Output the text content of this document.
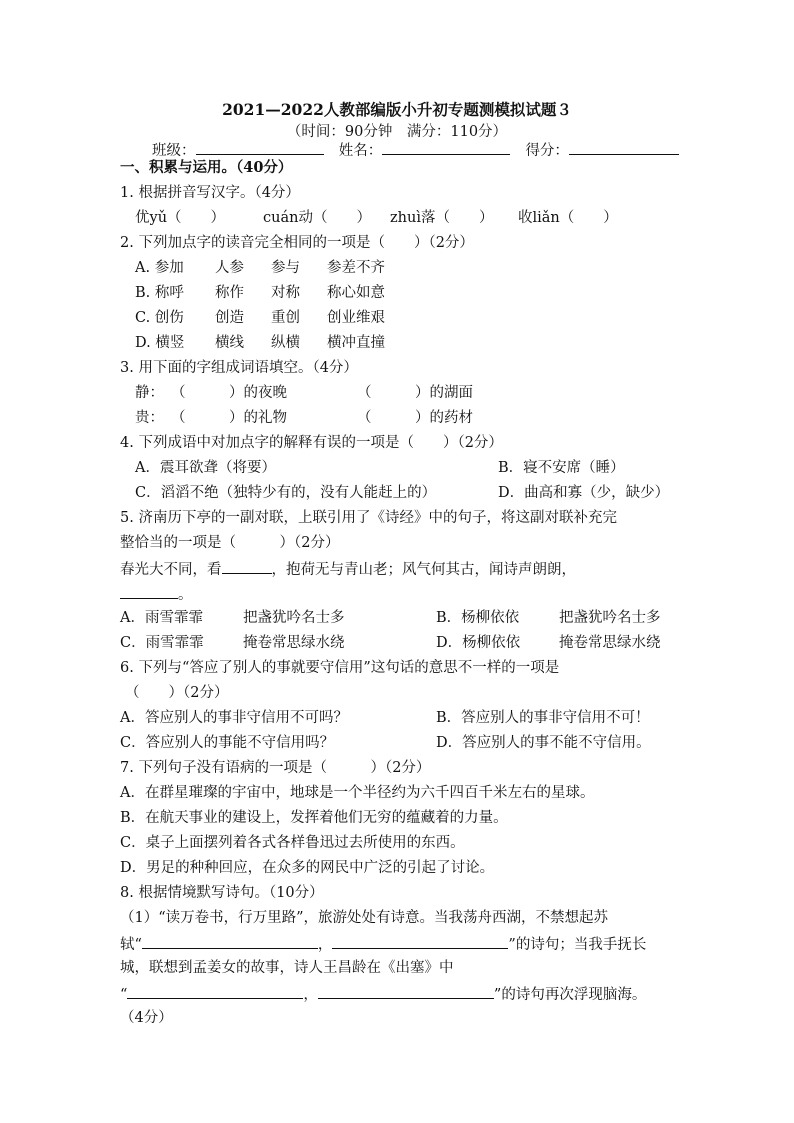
2021—2022人教部编版小升初专题测模拟试题３
（时间：90分钟　满分：110分）
班级：	姓名：	得分：
一、积累与运用。（40分）
1. 根据拼音写汉字。（4分）
优yǔ（　　）	cuán动（　　） zhuì落（　　） 收liǎn（　　）
2. 下列加点字的读音完全相同的一项是（　　）（2分）
A. 参加 人参 参与 参差不齐
B. 称呼 称作 对称 称心如意
C. 创伤 创造 重创 创业维艰
D. 横竖 横线 纵横 横冲直撞
3. 用下面的字组成词语填空。（4分）
静： （　　　）的夜晚	（　　　）的湖面
贵： （　　　）的礼物	（　　　）的药材
4. 下列成语中对加点字的解释有误的一项是（　　）（2分）
A．震耳欲聋（将要）	B．寝不安席（睡）
C．滔滔不绝（独特少有的，没有人能赶上的）	D．曲高和寡（少，缺少）
5. 济南历下亭的一副对联，上联引用了《诗经》中的句子，将这副对联补充完
整恰当的一项是（　　　）（2分）
春光大不同，看	，抱荷无与青山老；风气何其古，闻诗声朗朗，
。
A．雨雪霏霏	把盏犹吟名士多	B．杨柳依依	把盏犹吟名士多
C．雨雪霏霏	掩卷常思绿水绕	D．杨柳依依	掩卷常思绿水绕
6. 下列与“答应了别人的事就要守信用”这句话的意思不一样的一项是
（　　）（2分）
A．答应别人的事非守信用不可吗？	B．答应别人的事非守信用不可！
C．答应别人的事能不守信用吗？	D．答应别人的事不能不守信用。
7. 下列句子没有语病的一项是（　　　）（2分）
A．在群星璀璨的宇宙中，地球是一个半径约为六千四百千米左右的星球。
B．在航天事业的建设上，发挥着他们无穷的蕴藏着的力量。
C．桌子上面摆列着各式各样鲁迅过去所使用的东西。
D．男足的种种回应，在众多的网民中广泛的引起了讨论。
8. 根据情境默写诗句。（10分）
（1）“读万卷书，行万里路”，旅游处处有诗意。当我荡舟西湖，不禁想起苏
轼“	，	”的诗句；当我手抚长
城，联想到孟姜女的故事，诗人王昌龄在《出塞》中
“	，	”的诗句再次浮现脑海。
（4分）
